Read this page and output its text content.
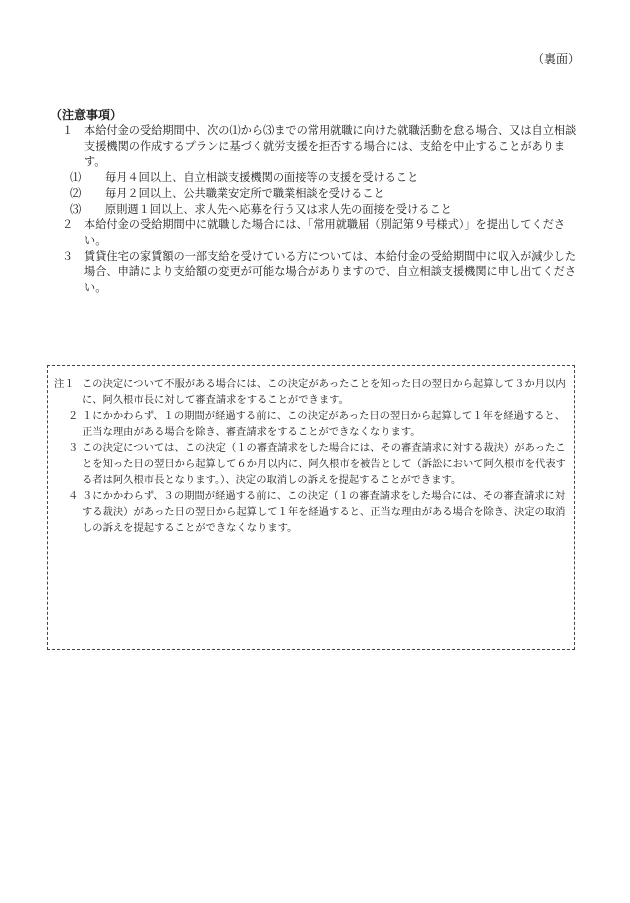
（裏面）
（注意事項）

１ 本給付金の受給期間中、次の⑴から⑶までの常用就職に向けた就職活動を怠る場合、又は自立相談支援機関の作成するプランに基づく就労支援を拒否する場合には、支給を中止することがあります。

⑴ 毎月４回以上、自立相談支援機関の面接等の支援を受けること

⑵ 毎月２回以上、公共職業安定所で職業相談を受けること

⑶ 原則週１回以上、求人先へ応募を行う又は求人先の面接を受けること

２ 本給付金の受給期間中に就職した場合には、「常用就職届（別記第９号様式）」を提出してください。

３ 賃貸住宅の家賃額の一部支給を受けている方については、本給付金の受給期間中に収入が減少した場合、申請により支給額の変更が可能な場合がありますので、自立相談支援機関に申し出てください。

注１ この決定について不服がある場合には、この決定があったことを知った日の翌日から起算して３か月以内に、阿久根市長に対して審査請求をすることができます。

２ １にかかわらず、１の期間が経過する前に、この決定があった日の翌日から起算して１年を経過すると、正当な理由がある場合を除き、審査請求をすることができなくなります。

３ この決定については、この決定（１の審査請求をした場合には、その審査請求に対する裁決）があったことを知った日の翌日から起算して６か月以内に、阿久根市を被告として（訴訟において阿久根市を代表する者は阿久根市長となります。）、決定の取消しの訴えを提起することができます。

４ ３にかかわらず、３の期間が経過する前に、この決定（１の審査請求をした場合には、その審査請求に対する裁決）があった日の翌日から起算して１年を経過すると、正当な理由がある場合を除き、決定の取消しの訴えを提起することができなくなります。
